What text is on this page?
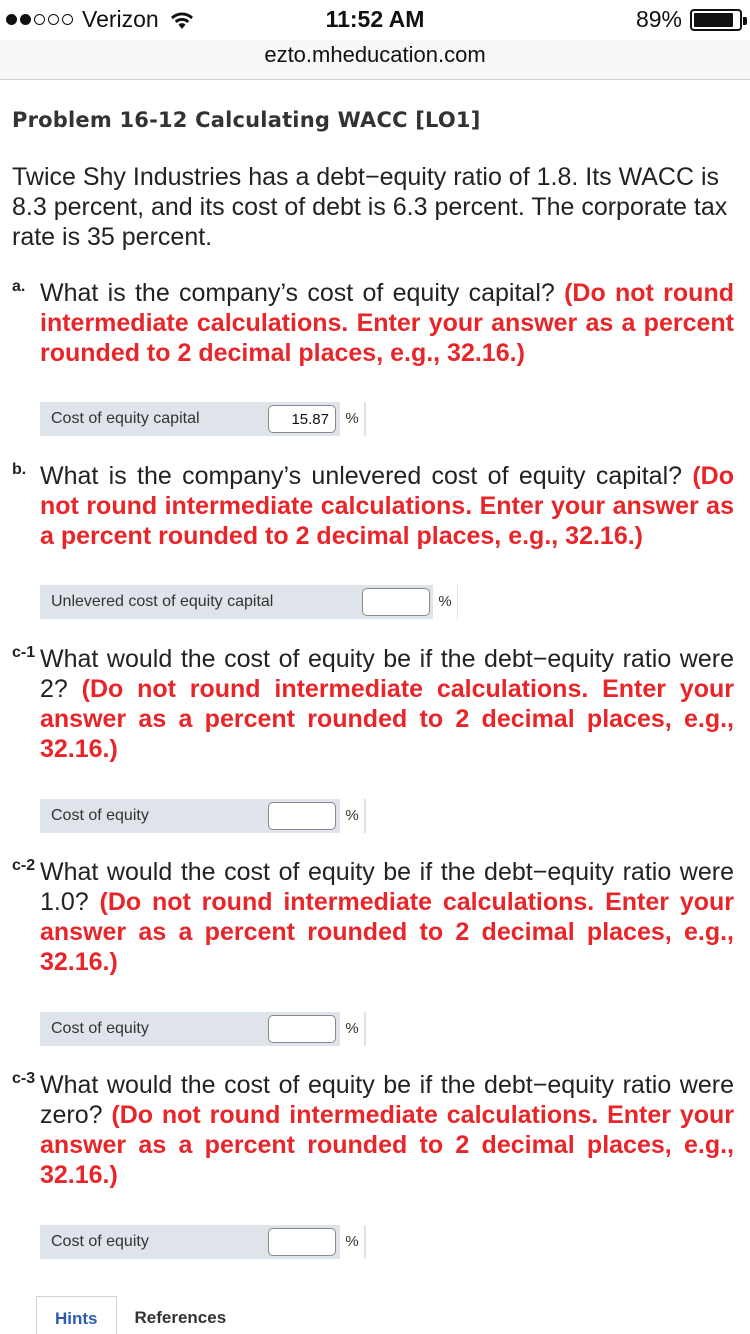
Verizon	11:52 AM	89%
ezto.mheducation.com
Problem 16-12 Calculating WACC [LO1]
Twice Shy Industries has a debt−equity ratio of 1.8. Its WACC is 8.3 percent, and its cost of debt is 6.3 percent. The corporate tax rate is 35 percent.
a. What is the company’s cost of equity capital? (Do not round intermediate calculations. Enter your answer as a percent rounded to 2 decimal places, e.g., 32.16.)
Cost of equity capital
15.87	%
b. What is the company’s unlevered cost of equity capital? (Do not round intermediate calculations. Enter your answer as a percent rounded to 2 decimal places, e.g., 32.16.)
Unlevered cost of equity capital	%
c-1 What would the cost of equity be if the debt−equity ratio were 2? (Do not round intermediate calculations. Enter your answer as a percent rounded to 2 decimal places, e.g., 32.16.)
Cost of equity	%
c-2 What would the cost of equity be if the debt−equity ratio were 1.0? (Do not round intermediate calculations. Enter your answer as a percent rounded to 2 decimal places, e.g., 32.16.)
Cost of equity	%
c-3 What would the cost of equity be if the debt−equity ratio were zero? (Do not round intermediate calculations. Enter your answer as a percent rounded to 2 decimal places, e.g., 32.16.)
Cost of equity	%
Hints	References
